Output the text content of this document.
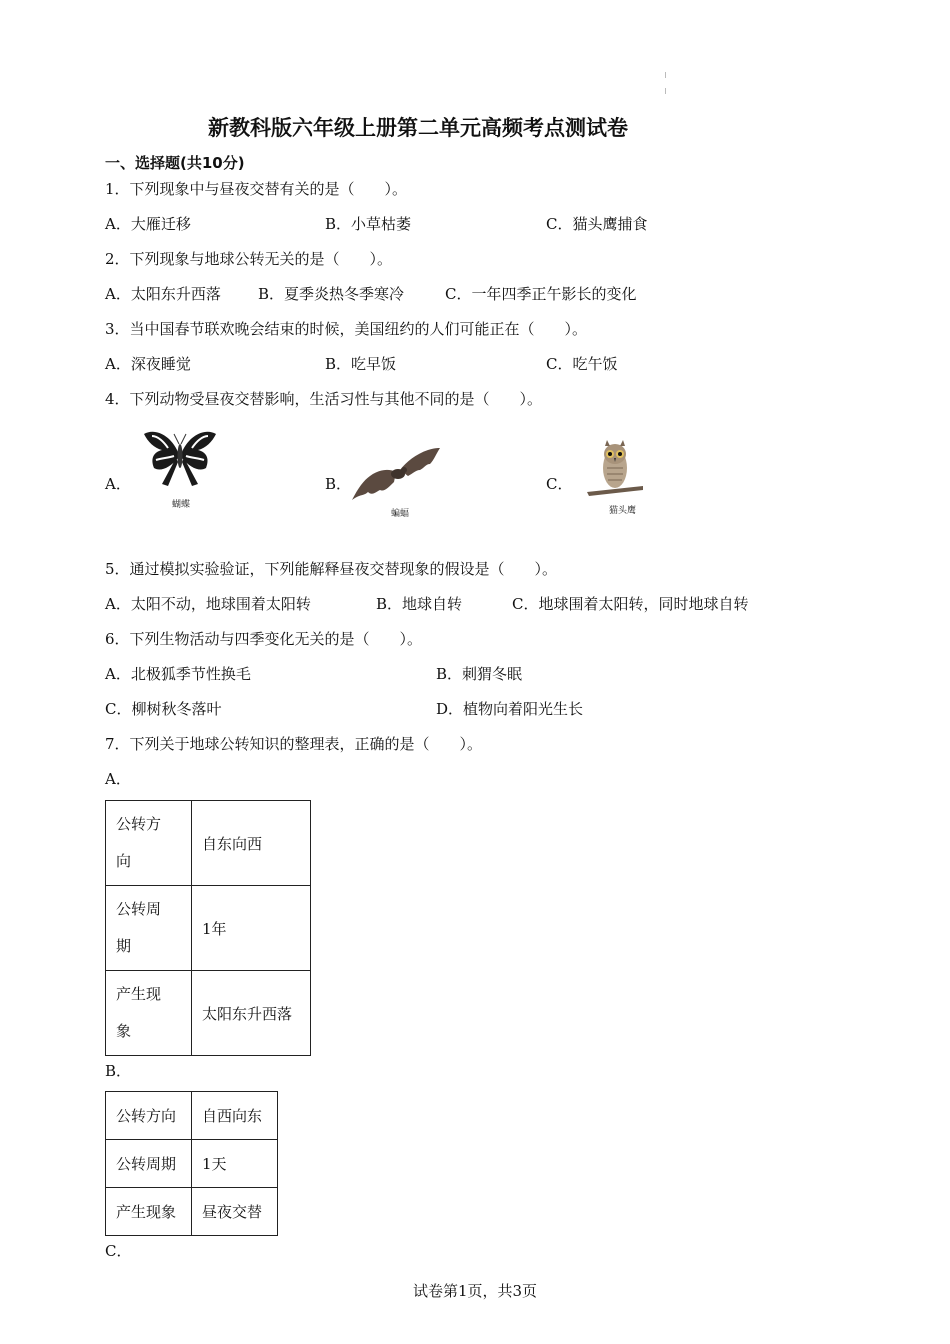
新教科版六年级上册第二单元高频考点测试卷
一、选择题(共10分)
1．下列现象中与昼夜交替有关的是（　　）。
A．大雁迁移	B．小草枯萎	C．猫头鹰捕食
2．下列现象与地球公转无关的是（　　）。
A．太阳东升西落 B．夏季炎热冬季寒冷	C．一年四季正午影长的变化
3．当中国春节联欢晚会结束的时候，美国纽约的人们可能正在（　　）。
A．深夜睡觉	B．吃早饭	C．吃午饭
4．下列动物受昼夜交替影响，生活习性与其他不同的是（　　）。
A．	B．	C．
蝴蝶
蝙蝠	猫头鹰
5．通过模拟实验验证，下列能解释昼夜交替现象的假设是（　　）。
A．太阳不动，地球围着太阳转	B．地球自转	C．地球围着太阳转，同时地球自转
6．下列生物活动与四季变化无关的是（　　）。
A．北极狐季节性换毛	B．刺猬冬眠
C．柳树秋冬落叶	D．植物向着阳光生长
7．下列关于地球公转知识的整理表，正确的是（　　）。
A．
公转方
向	自东向西
公转周
期	1年
产生现
象	太阳东升西落
B．
公转方向	自西向东
公转周期	1天
产生现象	昼夜交替
C．
试卷第1页，共3页
